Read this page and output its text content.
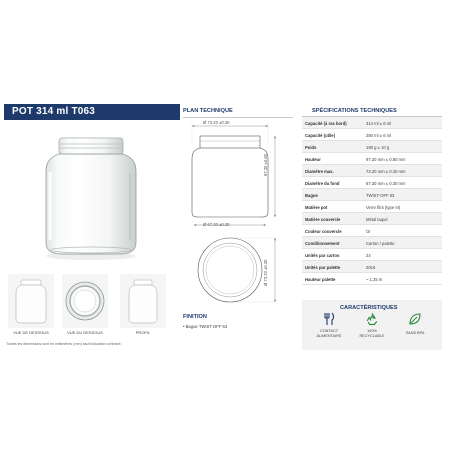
POT 314 ml T063
VUE DE DESSOUS	VUE DU DESSOUS	PROFIL
Toutes les dimensions sont en millimètres (mm) sauf indication contraire.
PLAN TECHNIQUE
Ø 73.20 ±0.30
Ø 67.30 ±0.30
97.20 ±0.80
Ø 73.20 ±0.30
FINITION
• Bague TWIST-OFF 63
SPÉCIFICATIONS TECHNIQUES
Capacité (à ras bord)	314 ml ± 6 ml
Capacité (utile)	280 ml ± 6 ml
Poids	190 g ± 10 g
Hauteur	97.20 mm ± 0.80 mm
Diamètre max.	73.20 mm ± 0.30 mm
Diamètre du fond	67.30 mm ± 0.30 mm
Bague	TWIST-OFF 63
Matière pot	Verre flint (type III)
Matière couvercle	Métal laqué
Couleur couvercle	Or
Conditionnement	Carton / palette
Unités par carton	24
Unités par palette	2016
Hauteur palette	~ 1,25 m
CARACTÉRISTIQUES
CONTACT
ALIMENTAIRE
100%
RECYCLABLE
SANS BPA
